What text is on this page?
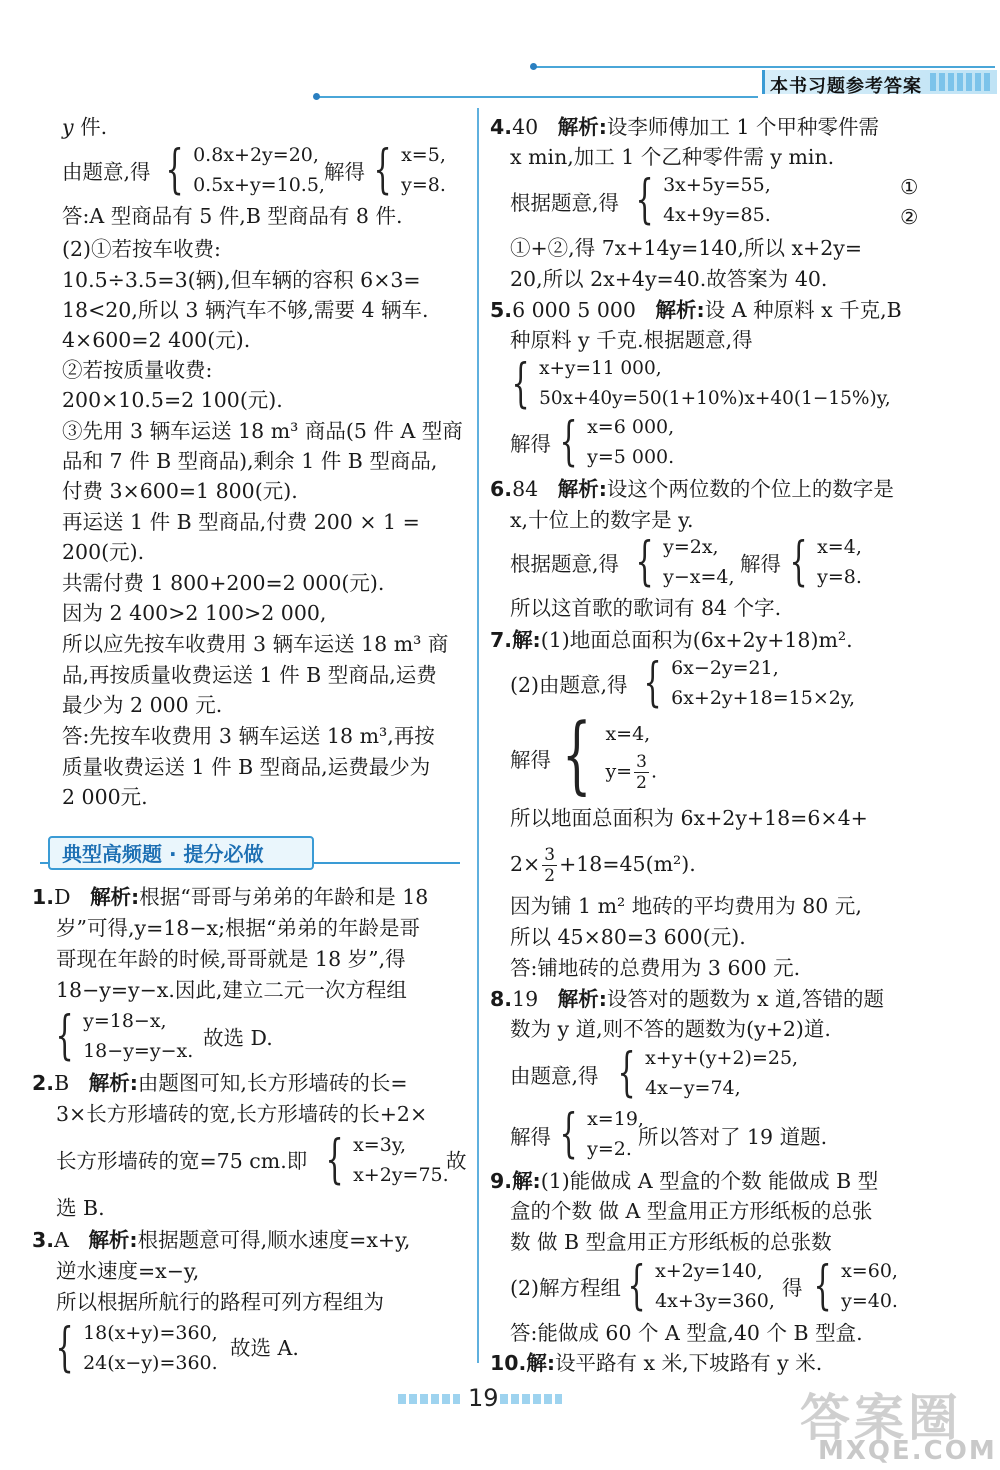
本书习题参考答案
y 件.
由题意,得 { 0.8x+2y=20,
0.5x+y=10.5,
解得 { x=5,
y=8.
答:A 型商品有 5 件,B 型商品有 8 件.
(2)①若按车收费:
10.5÷3.5=3(辆),但车辆的容积 6×3=
18<20,所以 3 辆汽车不够,需要 4 辆车.
4×600=2 400(元).
②若按质量收费:
200×10.5=2 100(元).
③先用 3 辆车运送 18 m³ 商品(5 件 A 型商
品和 7 件 B 型商品),剩余 1 件 B 型商品,
付费 3×600=1 800(元).
再运送 1 件 B 型商品,付费 200 × 1 =
200(元).
共需付费 1 800+200=2 000(元).
因为 2 400>2 100>2 000,
所以应先按车收费用 3 辆车运送 18 m³ 商
品,再按质量收费运送 1 件 B 型商品,运费
最少为 2 000 元.
答:先按车收费用 3 辆车运送 18 m³,再按
质量收费运送 1 件 B 型商品,运费最少为
2 000元.
典型高频题 · 提分必做
1.D 解析:根据“哥哥与弟弟的年龄和是 18
岁”可得,y=18−x;根据“弟弟的年龄是哥
哥现在年龄的时候,哥哥就是 18 岁”,得
18−y=y−x.因此,建立二元一次方程组
{ y=18−x,
18−y=y−x.
故选 D.
2.B 解析:由题图可知,长方形墙砖的长=
3×长方形墙砖的宽,长方形墙砖的长+2×
长方形墙砖的宽=75 cm.即 { x=3y,
x+2y=75.
故
选 B.
3.A 解析:根据题意可得,顺水速度=x+y,
逆水速度=x−y,
所以根据所航行的路程可列方程组为
{ 18(x+y)=360,
24(x−y)=360.
故选 A.
4.40 解析:设李师傅加工 1 个甲种零件需
x min,加工 1 个乙种零件需 y min.
根据题意,得 { 3x+5y=55,
4x+9y=85.
①
②
①+②,得 7x+14y=140,所以 x+2y=
20,所以 2x+4y=40.故答案为 40.
5.6 000 5 000 解析:设 A 种原料 x 千克,B
种原料 y 千克.根据题意,得
{ x+y=11 000,
50x+40y=50(1+10%)x+40(1−15%)y,
解得 { x=6 000,
y=5 000.
6.84 解析:设这个两位数的个位上的数字是
x,十位上的数字是 y.
根据题意,得 { y=2x,
y−x=4,
解得 { x=4,
y=8.
所以这首歌的歌词有 84 个字.
7.解:(1)地面总面积为(6x+2y+18)m².
(2)由题意,得 { 6x−2y=21,
6x+2y+18=15×2y,
解得 { x=4,
$y= \frac{3}{2}$ .
所以地面总面积为 6x+2y+18=6×4+
$2\times \frac{3}{2} +18=45(m^2)$.
因为铺 1 m² 地砖的平均费用为 80 元,
所以 45×80=3 600(元).
答:铺地砖的总费用为 3 600 元.
8.19 解析:设答对的题数为 x 道,答错的题
数为 y 道,则不答的题数为(y+2)道.
由题意,得 { x+y+(y+2)=25,
4x−y=74,
解得 { x=19,
y=2. 所以答对了 19 道题.
9.解:(1)能做成 A 型盒的个数 能做成 B 型
盒的个数 做 A 型盒用正方形纸板的总张
数 做 B 型盒用正方形纸板的总张数
(2)解方程组 { x+2y=140,
4x+3y=360,
得 { x=60,
y=40.
答:能做成 60 个 A 型盒,40 个 B 型盒.
10.解:设平路有 x 米,下坡路有 y 米.
19	答案圈
MXQE.COM
